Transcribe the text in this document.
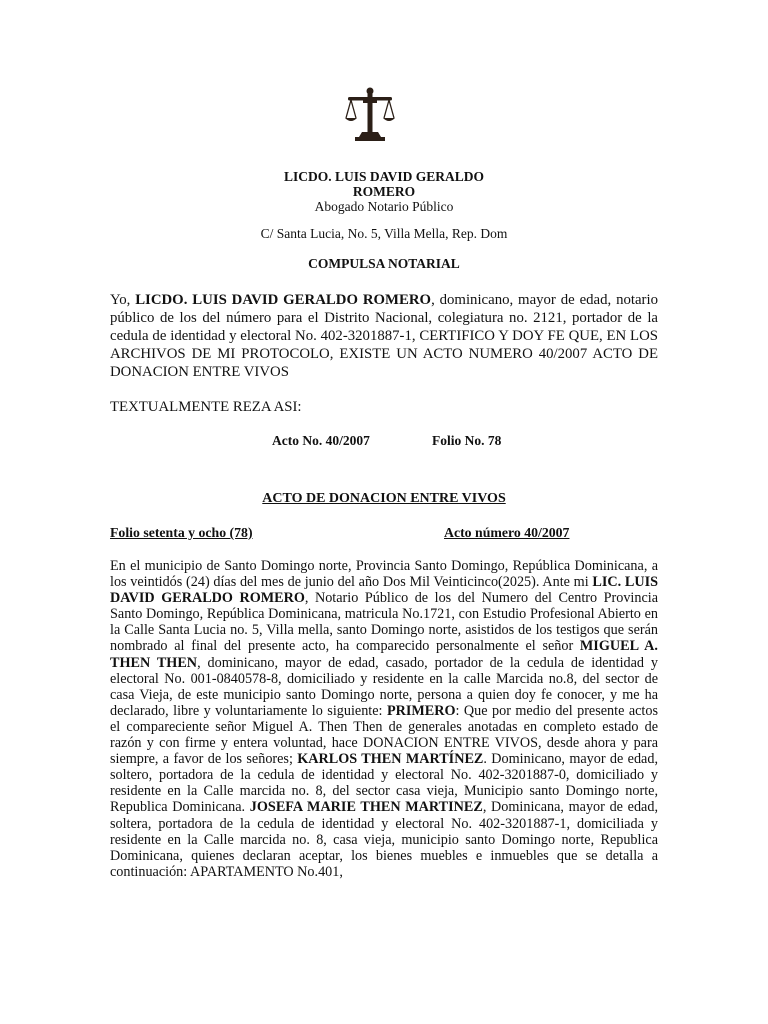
LICDO. LUIS DAVID GERALDO
ROMERO
Abogado Notario Público
C/ Santa Lucia, No. 5, Villa Mella, Rep. Dom
COMPULSA NOTARIAL
Yo, LICDO. LUIS DAVID GERALDO ROMERO, dominicano, mayor de edad, notario público de los del número para el Distrito Nacional, colegiatura no. 2121, portador de la cedula de identidad y electoral No. 402-3201887-1, CERTIFICO Y DOY FE QUE, EN LOS ARCHIVOS DE MI PROTOCOLO, EXISTE UN ACTO NUMERO 40/2007 ACTO DE DONACION ENTRE VIVOS
TEXTUALMENTE REZA ASI:
Acto No. 40/2007	Folio No. 78
ACTO DE DONACION ENTRE VIVOS
Folio setenta y ocho (78)	Acto número 40/2007
En el municipio de Santo Domingo norte, Provincia Santo Domingo, República Dominicana, a los veintidós (24) días del mes de junio del año Dos Mil Veinticinco(2025). Ante mi LIC. LUIS DAVID GERALDO ROMERO, Notario Público de los del Numero del Centro Provincia Santo Domingo, República Dominicana, matricula No.1721, con Estudio Profesional Abierto en la Calle Santa Lucia no. 5, Villa mella, santo Domingo norte, asistidos de los testigos que serán nombrado al final del presente acto, ha comparecido personalmente el señor MIGUEL A. THEN THEN, dominicano, mayor de edad, casado, portador de la cedula de identidad y electoral No. 001-0840578-8, domiciliado y residente en la calle Marcida no.8, del sector de casa Vieja, de este municipio santo Domingo norte, persona a quien doy fe conocer, y me ha declarado, libre y voluntariamente lo siguiente: PRIMERO: Que por medio del presente actos el compareciente señor Miguel A. Then Then de generales anotadas en completo estado de razón y con firme y entera voluntad, hace DONACION ENTRE VIVOS, desde ahora y para siempre, a favor de los señores; KARLOS THEN MARTÍNEZ. Dominicano, mayor de edad, soltero, portadora de la cedula de identidad y electoral No. 402-3201887-0, domiciliado y residente en la Calle marcida no. 8, del sector casa vieja, Municipio santo Domingo norte, Republica Dominicana. JOSEFA MARIE THEN MARTINEZ, Dominicana, mayor de edad, soltera, portadora de la cedula de identidad y electoral No. 402-3201887-1, domiciliada y residente en la Calle marcida no. 8, casa vieja, municipio santo Domingo norte, Republica Dominicana, quienes declaran aceptar, los bienes muebles e inmuebles que se detalla a continuación: APARTAMENTO No.401,
